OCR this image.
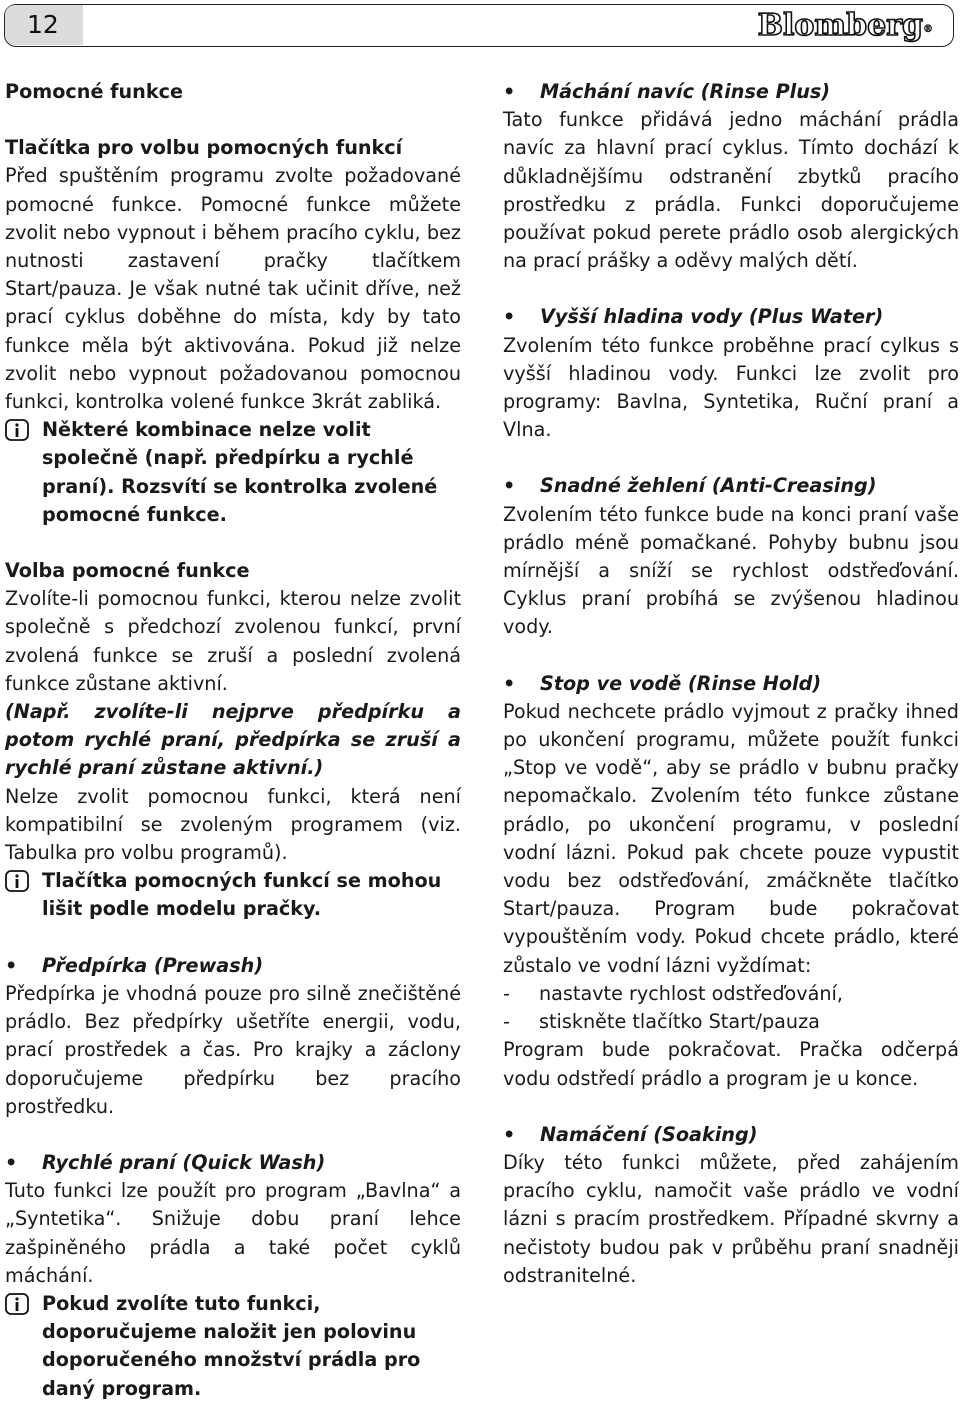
12	Blomberg®
Pomocné funkce
Tlačítka pro volbu pomocných funkcí

Před spuštěním programu zvolte požadované pomocné funkce. Pomocné funkce můžete zvolit nebo vypnout i během pracího cyklu, bez nutnosti zastavení pračky tlačítkem Start/pauza. Je však nutné tak učinit dříve, než prací cyklus doběhne do místa, kdy by tato funkce měla být aktivována. Pokud již nelze zvolit nebo vypnout požadovanou pomocnou funkci, kontrolka volené funkce 3krát zabliká.

Některé kombinace nelze volit společně (např. předpírku a rychlé praní). Rozsvítí se kontrolka zvolené pomocné funkce.
Volba pomocné funkce

Zvolíte-li pomocnou funkci, kterou nelze zvolit společně s předchozí zvolenou funkcí, první zvolená funkce se zruší a poslední zvolená funkce zůstane aktivní.

(Např. zvolíte-li nejprve předpírku a potom rychlé praní, předpírka se zruší a rychlé praní zůstane aktivní.)

Nelze zvolit pomocnou funkci, která není kompatibilní se zvoleným programem (viz. Tabulka pro volbu programů).

Tlačítka pomocných funkcí se mohou lišit podle modelu pračky.
• Předpírka (Prewash)

Předpírka je vhodná pouze pro silně znečištěné prádlo. Bez předpírky ušetříte energii, vodu, prací prostředek a čas. Pro krajky a záclony doporučujeme předpírku bez pracího prostředku.

• Rychlé praní (Quick Wash)

Tuto funkci lze použít pro program „Bavlna“ a „Syntetika“. Snižuje dobu praní lehce zašpiněného prádla a také počet cyklů máchání.

Pokud zvolíte tuto funkci, doporučujeme naložit jen polovinu doporučeného množství prádla pro daný program.
• Máchání navíc (Rinse Plus)

Tato funkce přidává jedno máchání prádla navíc za hlavní prací cyklus. Tímto dochází k důkladnějšímu odstranění zbytků pracího prostředku z prádla. Funkci doporučujeme používat pokud perete prádlo osob alergických na prací prášky a oděvy malých dětí.

• Vyšší hladina vody (Plus Water)

Zvolením této funkce proběhne prací cylkus s vyšší hladinou vody. Funkci lze zvolit pro programy: Bavlna, Syntetika, Ruční praní a Vlna.

• Snadné žehlení (Anti-Creasing)

Zvolením této funkce bude na konci praní vaše prádlo méně pomačkané. Pohyby bubnu jsou mírnější a sníží se rychlost odstřeďování. Cyklus praní probíhá se zvýšenou hladinou vody.

• Stop ve vodě (Rinse Hold)

Pokud nechcete prádlo vyjmout z pračky ihned po ukončení programu, můžete použít funkci „Stop ve vodě“, aby se prádlo v bubnu pračky nepomačkalo. Zvolením této funkce zůstane prádlo, po ukončení programu, v poslední vodní lázni. Pokud pak chcete pouze vypustit vodu bez odstřeďování, zmáčkněte tlačítko Start/pauza. Program bude pokračovat vypouštěním vody. Pokud chcete prádlo, které zůstalo ve vodní lázni vyždímat:

-	nastavte rychlost odstřeďování,
-	stiskněte tlačítko Start/pauza

Program bude pokračovat. Pračka odčerpá vodu odstředí prádlo a program je u konce.

• Namáčení (Soaking)

Díky této funkci můžete, před zahájením pracího cyklu, namočit vaše prádlo ve vodní lázni s pracím prostředkem. Případné skvrny a nečistoty budou pak v průběhu praní snadněji odstranitelné.
